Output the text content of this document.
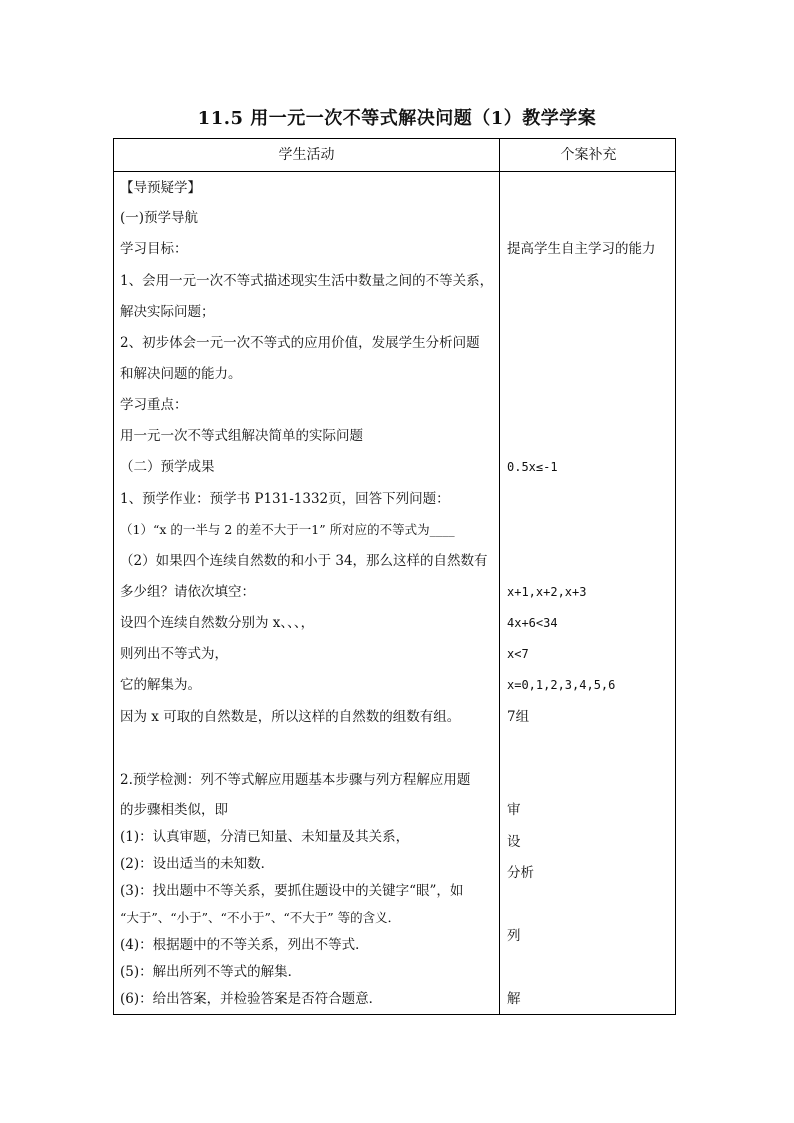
11.5 用一元一次不等式解决问题（1）教学学案
学生活动	个案补充
【导预疑学】
(一)预学导航
学习目标：
1、会用一元一次不等式描述现实生活中数量之间的不等关系，
解决实际问题；
2、初步体会一元一次不等式的应用价值，发展学生分析问题
和解决问题的能力。
学习重点：
用一元一次不等式组解决简单的实际问题
（二）预学成果
1、预学作业：预学书 P131-1332页，回答下列问题：
（1）“x 的一半与 2 的差不大于一1” 所对应的不等式为____
（2）如果四个连续自然数的和小于 34，那么这样的自然数有
多少组？请依次填空：
设四个连续自然数分别为 x、、、，
则列出不等式为，
它的解集为。
因为 x 可取的自然数是，所以这样的自然数的组数有组。
2.预学检测：列不等式解应用题基本步骤与列方程解应用题
的步骤相类似，即
(1)：认真审题，分清已知量、未知量及其关系，
(2)：设出适当的未知数．
(3)：找出题中不等关系，要抓住题设中的关键字“眼”，如
“大于”、“小于”、“不小于”、“不大于” 等的含义．
(4)：根据题中的不等关系，列出不等式．
(5)：解出所列不等式的解集．
(6)：给出答案，并检验答案是否符合题意．
提高学生自主学习的能力
0.5x≤-1
x+1,x+2,x+3
4x+6<34
x<7
x=0,1,2,3,4,5,6
7组
审
设
分析
列
解
